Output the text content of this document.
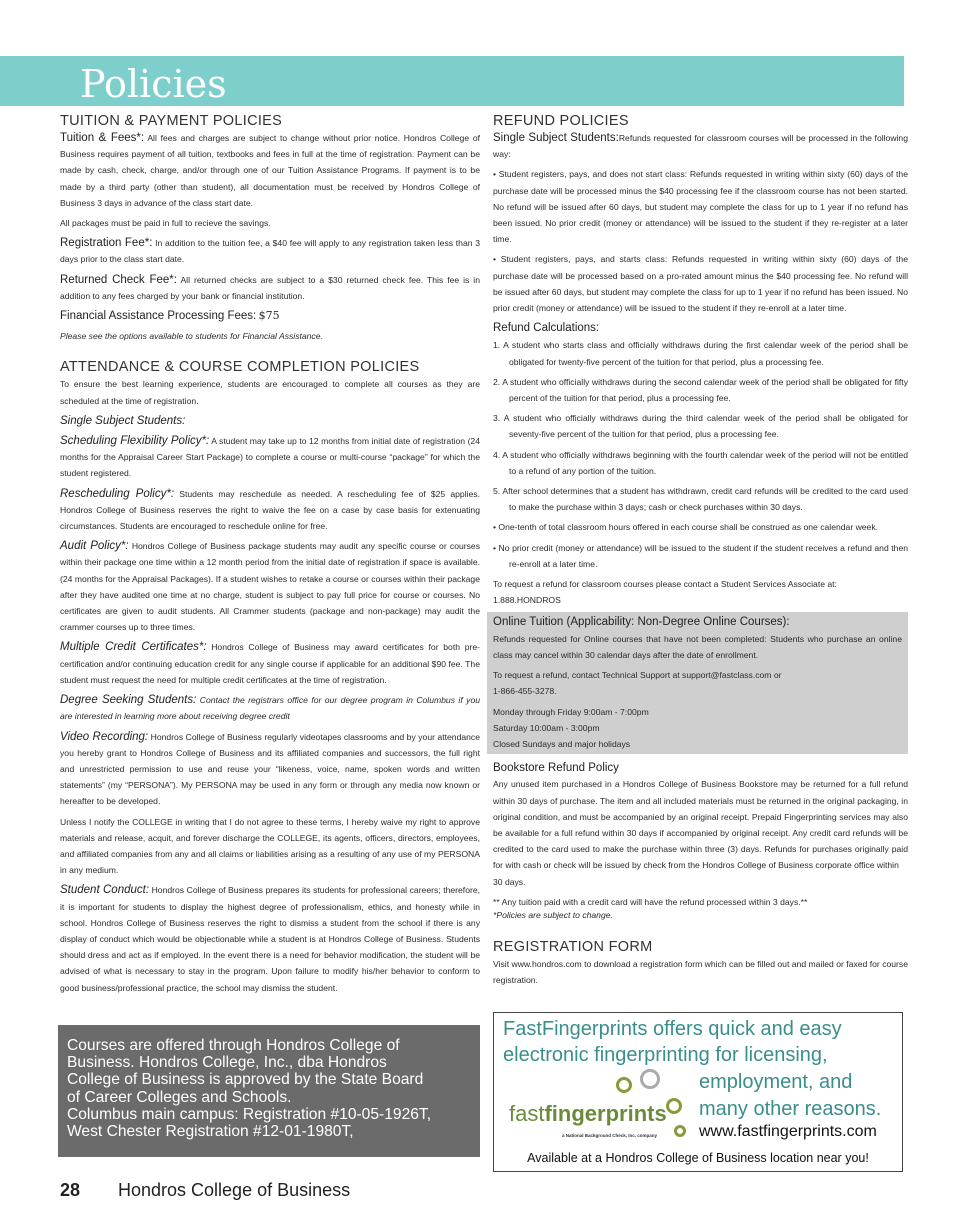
Policies
TUITION & PAYMENT POLICIES

Tuition & Fees*: All fees and charges are subject to change without prior notice. Hondros College of Business requires payment of all tuition, textbooks and fees in full at the time of registration. Payment can be made by cash, check, charge, and/or through one of our Tuition Assistance Programs. If payment is to be made by a third party (other than student), all documentation must be received by Hondros College of Business 3 days in advance of the class start date.

All packages must be paid in full to recieve the savings.

Registration Fee*: In addition to the tuition fee, a $40 fee will apply to any registration taken less than 3 days prior to the class start date.

Returned Check Fee*: All returned checks are subject to a $30 returned check fee. This fee is in addition to any fees charged by your bank or financial institution.

Financial Assistance Processing Fees: $75

Please see the options available to students for Financial Assistance.

ATTENDANCE & COURSE COMPLETION POLICIES

To ensure the best learning experience, students are encouraged to complete all courses as they are scheduled at the time of registration.

Single Subject Students:

Scheduling Flexibility Policy*: A student may take up to 12 months from initial date of registration (24 months for the Appraisal Career Start Package) to complete a course or multi-course “package” for which the student registered.

Rescheduling Policy*: Students may reschedule as needed. A rescheduling fee of $25 applies. Hondros College of Business reserves the right to waive the fee on a case by case basis for extenuating circumstances. Students are encouraged to reschedule online for free.

Audit Policy*: Hondros College of Business package students may audit any specific course or courses within their package one time within a 12 month period from the initial date of registration if space is available. (24 months for the Appraisal Packages). If a student wishes to retake a course or courses within their package after they have audited one time at no charge, student is subject to pay full price for course or courses. No certificates are given to audit students. All Crammer students (package and non-package) may audit the crammer courses up to three times.

Multiple Credit Certificates*: Hondros College of Business may award certificates for both pre-certification and/or continuing education credit for any single course if applicable for an additional $90 fee. The student must request the need for multiple credit certificates at the time of registration.

Degree Seeking Students: Contact the registrars office for our degree program in Columbus if you are interested in learning more about receiving degree credit

Video Recording: Hondros College of Business regularly videotapes classrooms and by your attendance you hereby grant to Hondros College of Business and its affiliated companies and successors, the full right and unrestricted permission to use and reuse your “likeness, voice, name, spoken words and written statements” (my “PERSONA”). My PERSONA may be used in any form or through any media now known or hereafter to be developed.

Unless I notify the COLLEGE in writing that I do not agree to these terms, I hereby waive my right to approve materials and release, acquit, and forever discharge the COLLEGE, its agents, officers, directors, employees, and affiliated companies from any and all claims or liabilities arising as a resulting of any use of my PERSONA in any medium.

Student Conduct: Hondros College of Business prepares its students for professional careers; therefore, it is important for students to display the highest degree of professionalism, ethics, and honesty while in school. Hondros College of Business reserves the right to dismiss a student from the school if there is any display of conduct which would be objectionable while a student is at Hondros College of Business. Students should dress and act as if employed. In the event there is a need for behavior modification, the student will be advised of what is necessary to stay in the program. Upon failure to modify his/her behavior to conform to good business/professional practice, the school may dismiss the student.

Courses are offered through Hondros College of
Business. Hondros College, Inc., dba Hondros
College of Business is approved by the State Board
of Career Colleges and Schools.
Columbus main campus: Registration #10-05-1926T,
West Chester Registration #12-01-1980T,
REFUND POLICIES

Single Subject Students:Refunds requested for classroom courses will be processed in the following way:

• Student registers, pays, and does not start class: Refunds requested in writing within sixty (60) days of the purchase date will be processed minus the $40 processing fee if the classroom course has not been started. No refund will be issued after 60 days, but student may complete the class for up to 1 year if no refund has been issued. No prior credit (money or attendance) will be issued to the student if they re-register at a later time.

• Student registers, pays, and starts class: Refunds requested in writing within sixty (60) days of the purchase date will be processed based on a pro-rated amount minus the $40 processing fee. No refund will be issued after 60 days, but student may complete the class for up to 1 year if no refund has been issued. No prior credit (money or attendance) will be issued to the student if they re-enroll at a later time.

Refund Calculations:

1. A student who starts class and officially withdraws during the first calendar week of the period shall be obligated for twenty-five percent of the tuition for that period, plus a processing fee.

2. A student who officially withdraws during the second calendar week of the period shall be obligated for fifty percent of the tuition for that period, plus a processing fee.

3. A student who officially withdraws during the third calendar week of the period shall be obligated for seventy-five percent of the tuition for that period, plus a processing fee.

4. A student who officially withdraws beginning with the fourth calendar week of the period will not be entitled to a refund of any portion of the tuition.

5. After school determines that a student has withdrawn, credit card refunds will be credited to the card used to make the purchase within 3 days; cash or check purchases within 30 days.

• One-tenth of total classroom hours offered in each course shall be construed as one calendar week.

• No prior credit (money or attendance) will be issued to the student if the student receives a refund and then re-enroll at a later time.

To request a refund for classroom courses please contact a Student Services Associate at:

1.888.HONDROS

Online Tuition (Applicability: Non-Degree Online Courses):

Refunds requested for Online courses that have not been completed: Students who purchase an online class may cancel within 30 calendar days after the date of enrollment.

To request a refund, contact Technical Support at support@fastclass.com or

1-866-455-3278.

Monday through Friday 9:00am - 7:00pm

Saturday 10:00am - 3:00pm

Closed Sundays and major holidays

Bookstore Refund Policy

Any unused item purchased in a Hondros College of Business Bookstore may be returned for a full refund within 30 days of purchase. The item and all included materials must be returned in the original packaging, in original condition, and must be accompanied by an original receipt. Prepaid Fingerprinting services may also be available for a full refund within 30 days if accompanied by original receipt. Any credit card refunds will be credited to the card used to make the purchase within three (3) days. Refunds for purchases originally paid for with cash or check will be issued by check from the Hondros College of Business corporate office within

30 days.

** Any tuition paid with a credit card will have the refund processed within 3 days.**

*Policies are subject to change.

REGISTRATION FORM

Visit www.hondros.com to download a registration form which can be filled out and mailed or faxed for course registration.

FastFingerprints offers quick and easy
electronic fingerprinting for licensing,
employment, and
many other reasons.
fastfingerprints
a National Background Check, Inc. company	www.fastfingerprints.com
Available at a Hondros College of Business location near you!
28 Hondros College of Business
